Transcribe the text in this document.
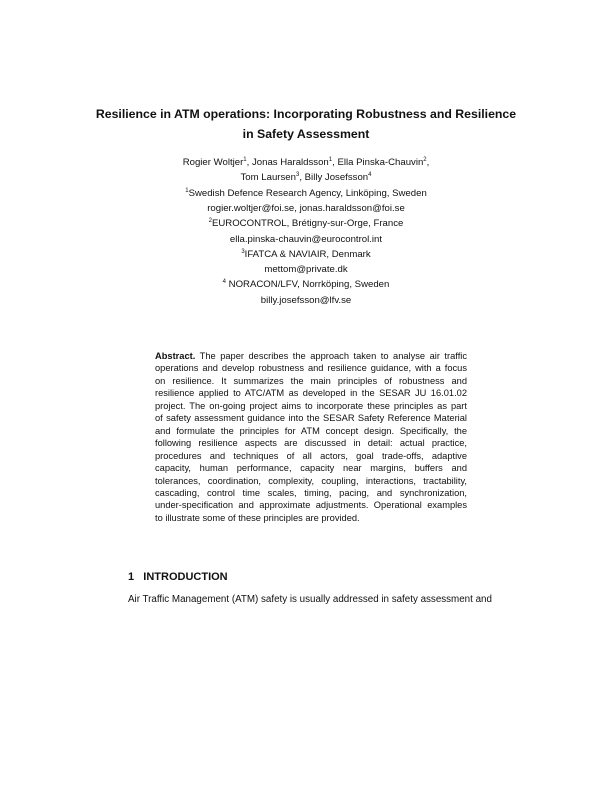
Resilience in ATM operations: Incorporating Robustness and Resilience
in Safety Assessment
Rogier Woltjer$^1$, Jonas Haraldsson$^1$, Ella Pinska-Chauvin$^2$,
Tom Laursen$^3$, Billy Josefsson$^4$
$^1$Swedish Defence Research Agency, Linköping, Sweden
rogier.woltjer@foi.se, jonas.haraldsson@foi.se
$^2$EUROCONTROL, Brétigny-sur-Orge, France
ella.pinska-chauvin@eurocontrol.int
$^3$IFATCA & NAVIAIR, Denmark
mettom@private.dk
$^4$ NORACON/LFV, Norrköping, Sweden
billy.josefsson@lfv.se
Abstract. The paper describes the approach taken to analyse air traffic
operations and develop robustness and resilience guidance, with a focus
on resilience. It summarizes the main principles of robustness and
resilience applied to ATC/ATM as developed in the SESAR JU 16.01.02
project. The on-going project aims to incorporate these principles as part
of safety assessment guidance into the SESAR Safety Reference Material
and formulate the principles for ATM concept design. Specifically, the
following resilience aspects are discussed in detail: actual practice,
procedures and techniques of all actors, goal trade-offs, adaptive
capacity, human performance, capacity near margins, buffers and
tolerances, coordination, complexity, coupling, interactions, tractability,
cascading, control time scales, timing, pacing, and synchronization,
under-specification and approximate adjustments. Operational examples
to illustrate some of these principles are provided.
1 INTRODUCTION
Air Traffic Management (ATM) safety is usually addressed in safety assessment and
